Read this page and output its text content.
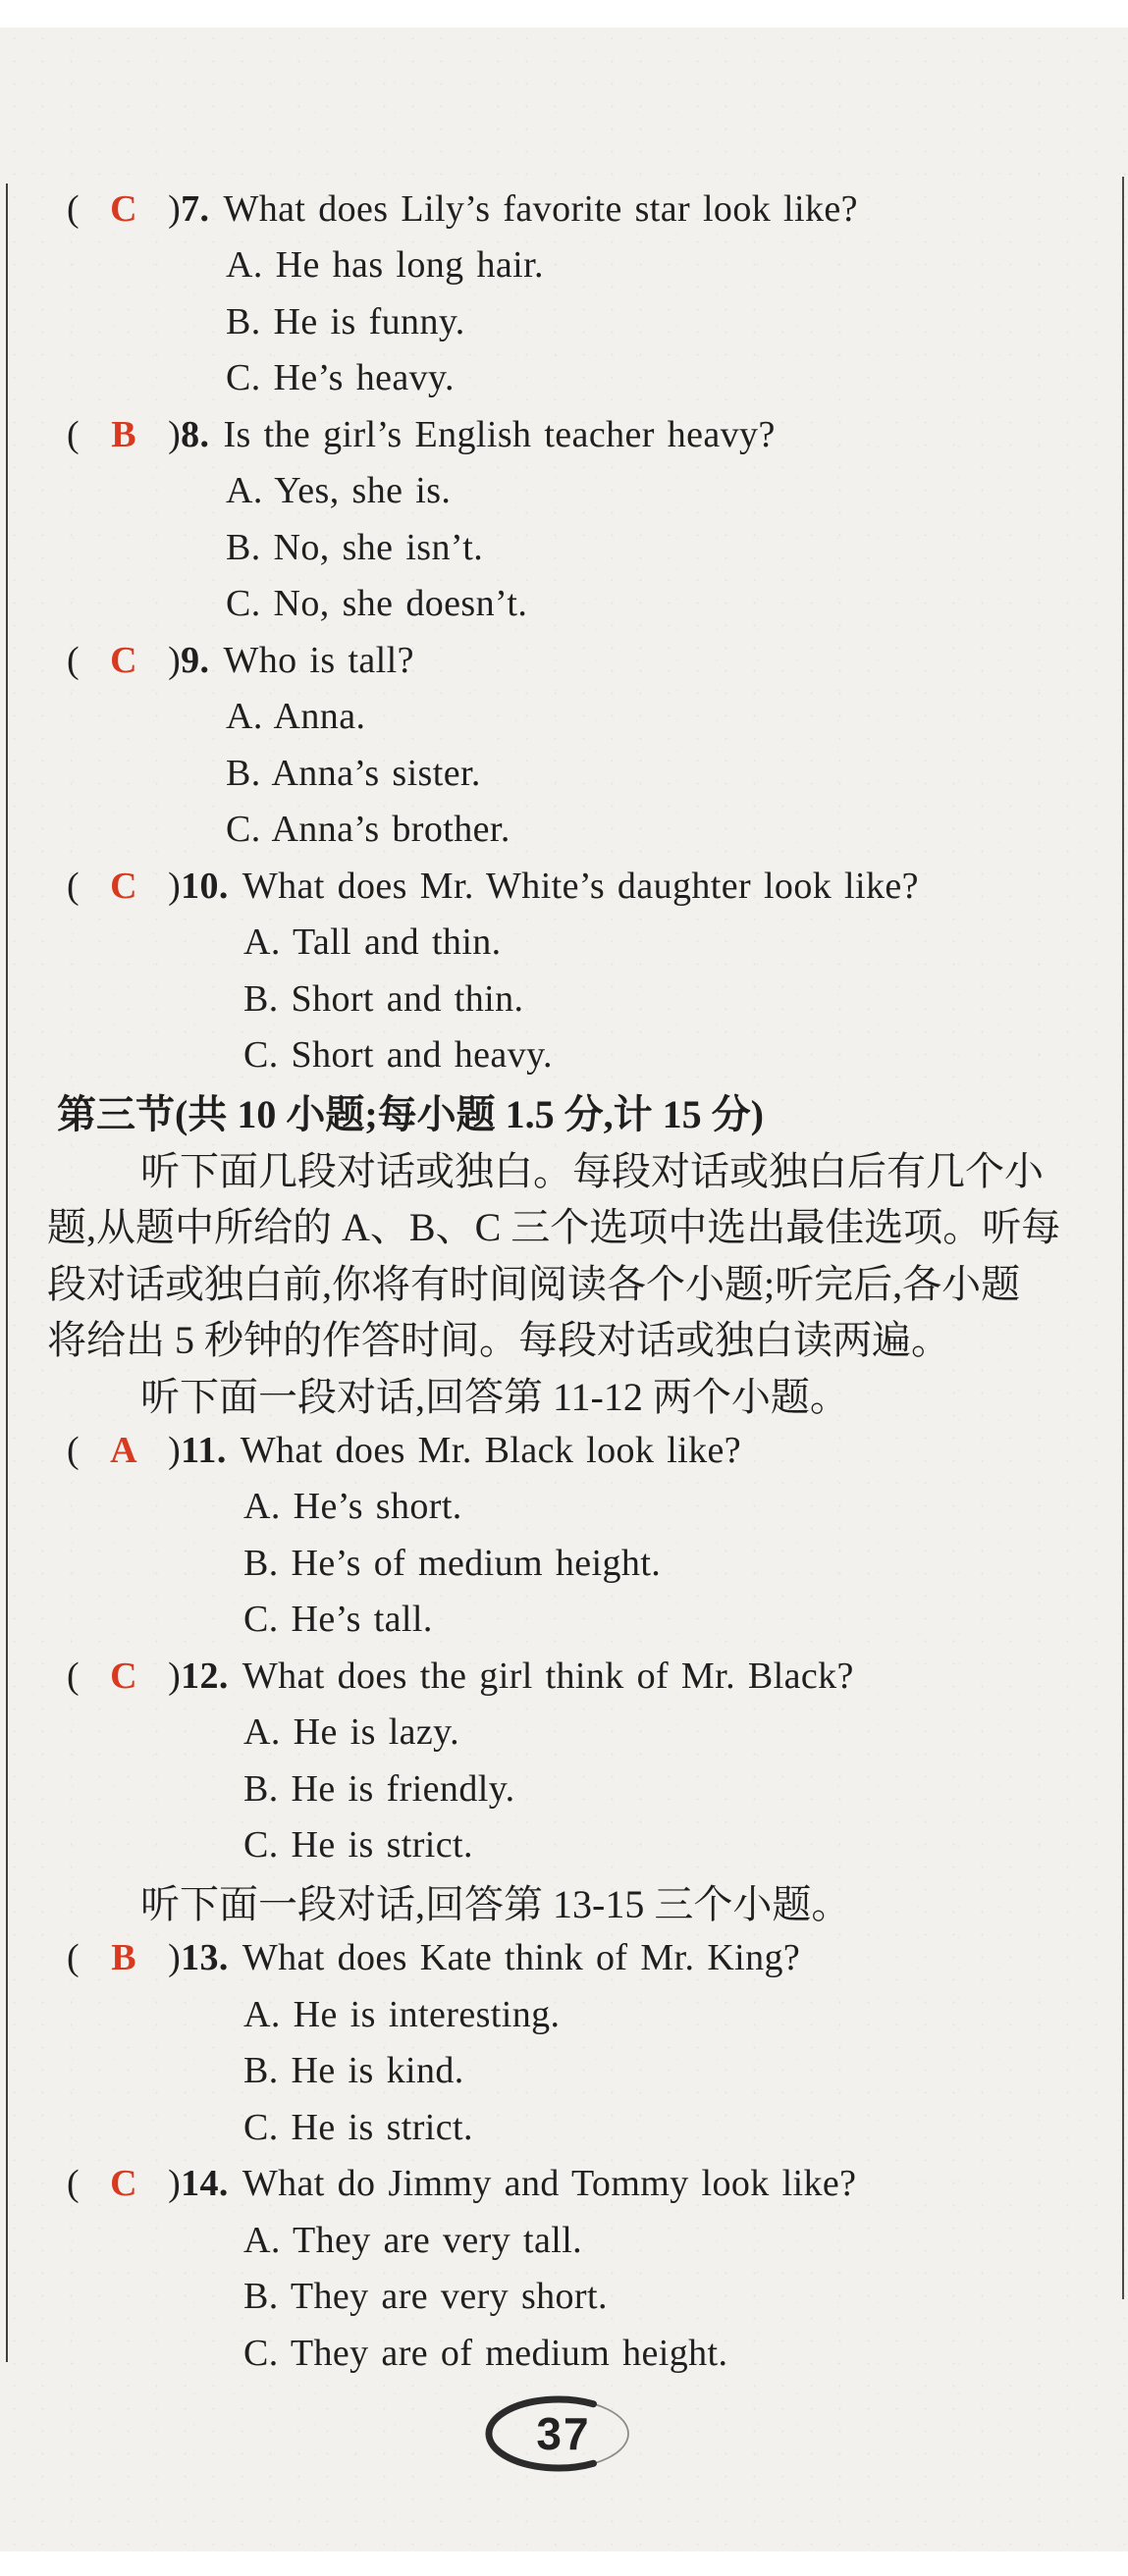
( C ) 7. What does Lily’s favorite star look like?
A. He has long hair.
B. He is funny.
C. He’s heavy.
( B ) 8. Is the girl’s English teacher heavy?
A. Yes, she is.
B. No, she isn’t.
C. No, she doesn’t.
( C ) 9. Who is tall?
A. Anna.
B. Anna’s sister.
C. Anna’s brother.
( C ) 10. What does Mr. White’s daughter look like?
A. Tall and thin.
B. Short and thin.
C. Short and heavy.
第三节 (共 10 小题;每小题 1.5 分,计 15 分)
听下面几段对话或独白。每段对话或独白后有几个小
题,从题中所给的 A、B、C 三个选项中选出最佳选项。听每
段对话或独白前,你将有时间阅读各个小题;听完后,各小题
将给出 5 秒钟的作答时间。每段对话或独白读两遍。
听下面一段对话,回答第 11-12 两个小题。
( A ) 11. What does Mr. Black look like?
A. He’s short.
B. He’s of medium height.
C. He’s tall.
( C ) 12. What does the girl think of Mr. Black?
A. He is lazy.
B. He is friendly.
C. He is strict.
听下面一段对话,回答第 13-15 三个小题。
( B ) 13. What does Kate think of Mr. King?
A. He is interesting.
B. He is kind.
C. He is strict.
( C ) 14. What do Jimmy and Tommy look like?
A. They are very tall.
B. They are very short.
C. They are of medium height.
37
